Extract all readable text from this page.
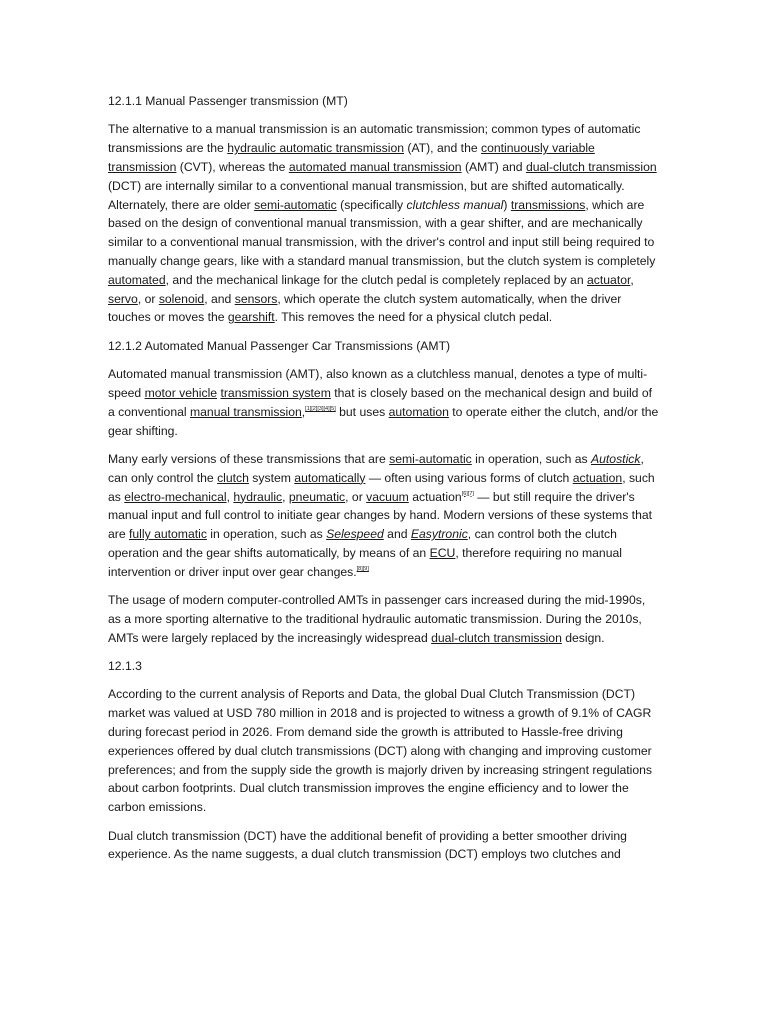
12.1.1 Manual Passenger transmission (MT)

The alternative to a manual transmission is an automatic transmission; common types of automatic transmissions are the hydraulic automatic transmission (AT), and the continuously variable transmission (CVT), whereas the automated manual transmission (AMT) and dual-clutch transmission (DCT) are internally similar to a conventional manual transmission, but are shifted automatically. Alternately, there are older semi-automatic (specifically clutchless manual) transmissions, which are based on the design of conventional manual transmission, with a gear shifter, and are mechanically similar to a conventional manual transmission, with the driver's control and input still being required to manually change gears, like with a standard manual transmission, but the clutch system is completely automated, and the mechanical linkage for the clutch pedal is completely replaced by an actuator, servo, or solenoid, and sensors, which operate the clutch system automatically, when the driver touches or moves the gearshift. This removes the need for a physical clutch pedal.

12.1.2 Automated Manual Passenger Car Transmissions (AMT)

Automated manual transmission (AMT), also known as a clutchless manual, denotes a type of multi-speed motor vehicle transmission system that is closely based on the mechanical design and build of a conventional manual transmission,[1][2][3][4][5] but uses automation to operate either the clutch, and/or the gear shifting.

Many early versions of these transmissions that are semi-automatic in operation, such as Autostick, can only control the clutch system automatically — often using various forms of clutch actuation, such as electro-mechanical, hydraulic, pneumatic, or vacuum actuation[6][7] — but still require the driver's manual input and full control to initiate gear changes by hand. Modern versions of these systems that are fully automatic in operation, such as Selespeed and Easytronic, can control both the clutch operation and the gear shifts automatically, by means of an ECU, therefore requiring no manual intervention or driver input over gear changes.[8][9]

The usage of modern computer-controlled AMTs in passenger cars increased during the mid-1990s, as a more sporting alternative to the traditional hydraulic automatic transmission. During the 2010s, AMTs were largely replaced by the increasingly widespread dual-clutch transmission design.

12.1.3

According to the current analysis of Reports and Data, the global Dual Clutch Transmission (DCT) market was valued at USD 780 million in 2018 and is projected to witness a growth of 9.1% of CAGR during forecast period in 2026. From demand side the growth is attributed to Hassle-free driving experiences offered by dual clutch transmissions (DCT) along with changing and improving customer preferences; and from the supply side the growth is majorly driven by increasing stringent regulations about carbon footprints. Dual clutch transmission improves the engine efficiency and to lower the carbon emissions.

Dual clutch transmission (DCT) have the additional benefit of providing a better smoother driving experience. As the name suggests, a dual clutch transmission (DCT) employs two clutches and
